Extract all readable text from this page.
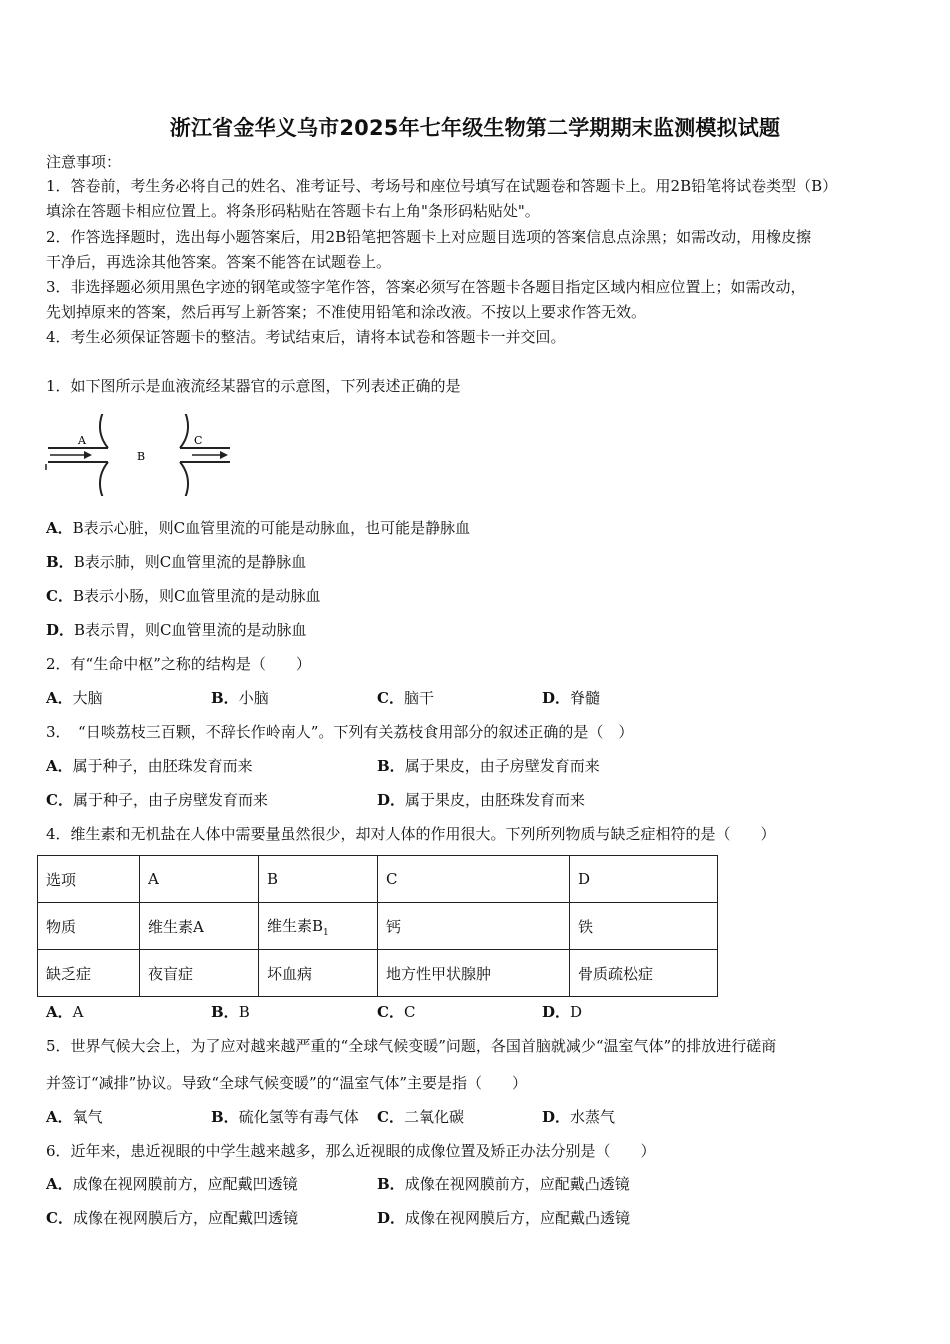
浙江省金华义乌市2025年七年级生物第二学期期末监测模拟试题
注意事项：
1．答卷前，考生务必将自己的姓名、准考证号、考场号和座位号填写在试题卷和答题卡上。用2B铅笔将试卷类型（B）
填涂在答题卡相应位置上。将条形码粘贴在答题卡右上角"条形码粘贴处"。
2．作答选择题时，选出每小题答案后，用2B铅笔把答题卡上对应题目选项的答案信息点涂黑；如需改动，用橡皮擦
干净后，再选涂其他答案。答案不能答在试题卷上。
3．非选择题必须用黑色字迹的钢笔或签字笔作答，答案必须写在答题卡各题目指定区域内相应位置上；如需改动，
先划掉原来的答案，然后再写上新答案；不准使用铅笔和涂改液。不按以上要求作答无效。
4．考生必须保证答题卡的整洁。考试结束后，请将本试卷和答题卡一并交回。
1．如下图所示是血液流经某器官的示意图，下列表述正确的是
A
B
C
A．B表示心脏，则C血管里流的可能是动脉血，也可能是静脉血
B．B表示肺，则C血管里流的是静脉血
C．B表示小肠，则C血管里流的是动脉血
D．B表示胃，则C血管里流的是动脉血
2．有“生命中枢”之称的结构是（　　）
A．大脑	B．小脑	C．脑干	D．脊髓
3．　“日啖荔枝三百颗，不辞长作岭南人”。下列有关荔枝食用部分的叙述正确的是（　）
A．属于种子，由胚珠发育而来	B．属于果皮，由子房壁发育而来
C．属于种子，由子房壁发育而来	D．属于果皮，由胚珠发育而来
4．维生素和无机盐在人体中需要量虽然很少，却对人体的作用很大。下列所列物质与缺乏症相符的是（　　）
选项	A	B	C	D
物质	维生素A	维生素$B_1$	钙	铁
缺乏症	夜盲症	坏血病	地方性甲状腺肿	骨质疏松症
A．A	B．B	C．C	D．D
5．世界气候大会上，为了应对越来越严重的“全球气候变暖”问题，各国首脑就减少“温室气体”的排放进行磋商
并签订“减排”协议。导致“全球气候变暖”的“温室气体”主要是指（　　）
A．氧气	B．硫化氢等有毒气体 C．二氧化碳	D．水蒸气
6．近年来，患近视眼的中学生越来越多，那么近视眼的成像位置及矫正办法分别是（　　）
A．成像在视网膜前方，应配戴凹透镜	B．成像在视网膜前方，应配戴凸透镜
C．成像在视网膜后方，应配戴凹透镜	D．成像在视网膜后方，应配戴凸透镜
